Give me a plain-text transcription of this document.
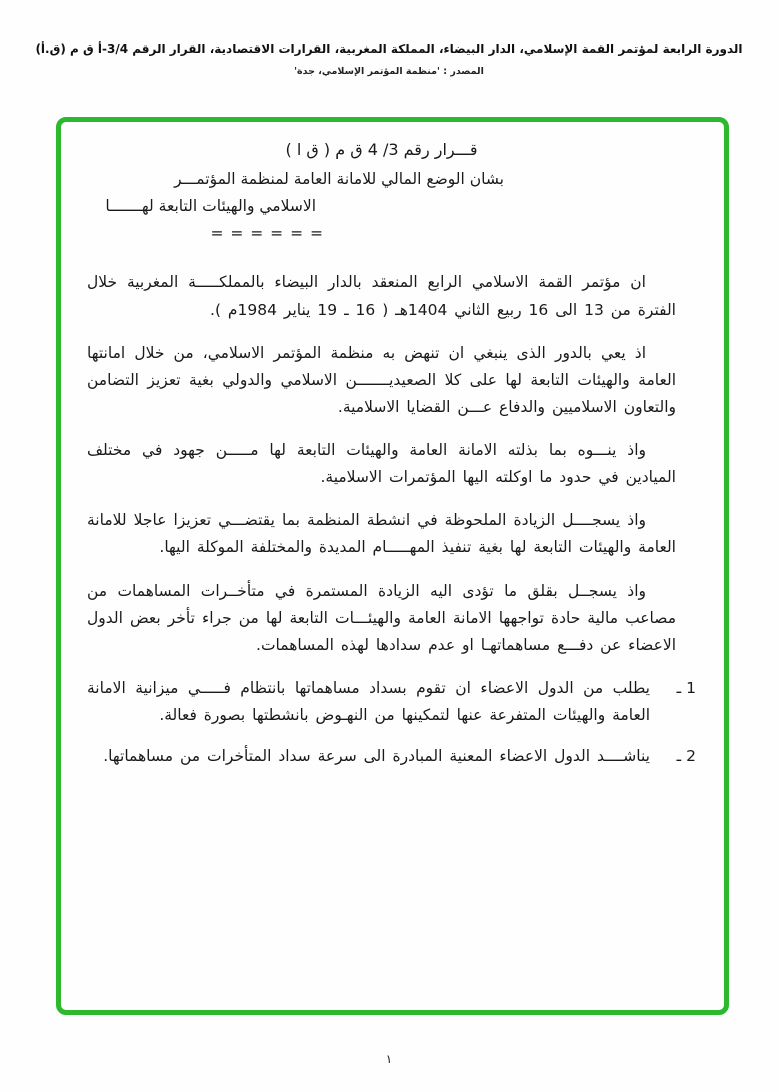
الدورة الرابعة لمؤتمر القمة الإسلامي، الدار البيضاء، المملكة المغربية، القرارات الاقتصادية، القرار الرقم 3/4-أ ق م (ق.أ)
المصدر : 'منظمة المؤتمر الإسلامي، جدة'
قـــرار رقم 3/ 4 ق م ( ق ا )
بشان الوضع المالي للامانة العامة لمنظمة المؤتمـــر
الاسلامي والهيئات التابعة لهـــــــا
= = = = = =

ان مؤتمر القمة الاسلامي الرابع المنعقد بالدار البيضاء بالمملكـــــة المغربية خلال الفترة من 13 الى 16 ربيع الثاني 1404هـ ( 16 ـ 19 يناير 1984م ).

اذ يعي بالدور الذى ينبغي ان تنهض به منظمة المؤتمر الاسلامي، من خلال امانتها العامة والهيئات التابعة لها على كلا الصعيديـــــــن الاسلامي والدولي بغية تعزيز التضامن والتعاون الاسلاميين والدفاع عـــن القضايا الاسلامية.

واذ ينـــوه بما بذلته الامانة العامة والهيئات التابعة لها مـــــن جهود في مختلف الميادين في حدود ما اوكلته اليها المؤتمرات الاسلامية.

واذ يسجــــل الزيادة الملحوظة في انشطة المنظمة بما يقتضـــي تعزيزا عاجلا للامانة العامة والهيئات التابعة لها بغية تنفيذ المهـــــام المديدة والمختلفة الموكلة اليها.

واذ يسجــل بقلق ما تؤدى اليه الزيادة المستمرة في متأخــرات المساهمات من مصاعب مالية حادة تواجهها الامانة العامة والهيئـــات التابعة لها من جراء تأخر بعض الدول الاعضاء عن دفـــع مساهماتهـا او عدم سدادها لهذه المساهمات.

1 ـ
يطلب من الدول الاعضاء ان تقوم بسداد مساهماتها بانتظام فـــــي ميزانية الامانة العامة والهيئات المتفرعة عنها لتمكينها من النهـوض بانشطتها بصورة فعالة.
2 ـ
يناشــــد الدول الاعضاء المعنية المبادرة الى سرعة سداد المتأخرات من مساهماتها.
١
